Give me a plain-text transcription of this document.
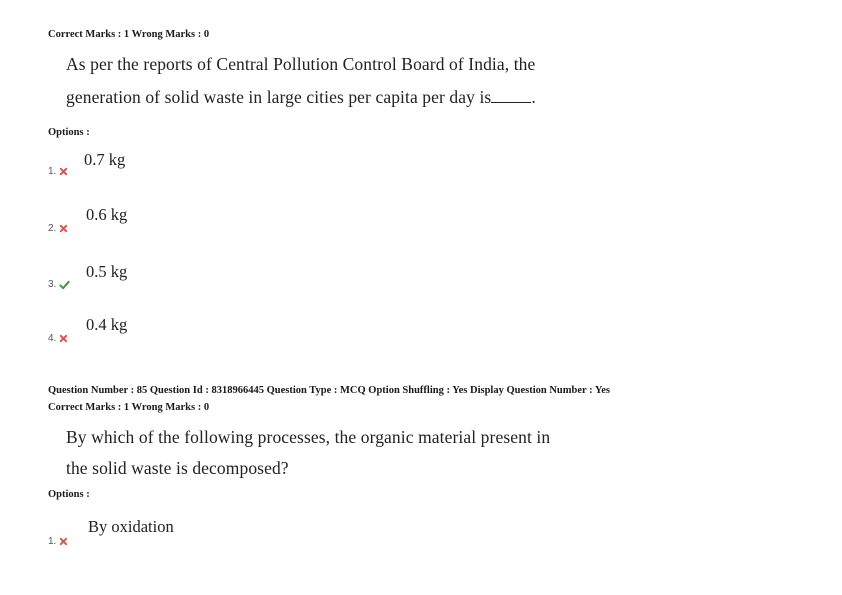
Correct Marks : 1 Wrong Marks : 0
As per the reports of Central Pollution Control Board of India, the
generation of solid waste in large cities per capita per day is .
Options :
0.7 kg
1.
0.6 kg
2.
0.5 kg
3.
0.4 kg
4.
Question Number : 85 Question Id : 8318966445 Question Type : MCQ Option Shuffling : Yes Display Question Number : Yes
Correct Marks : 1 Wrong Marks : 0
By which of the following processes, the organic material present in
the solid waste is decomposed?
Options :
By oxidation
1.
